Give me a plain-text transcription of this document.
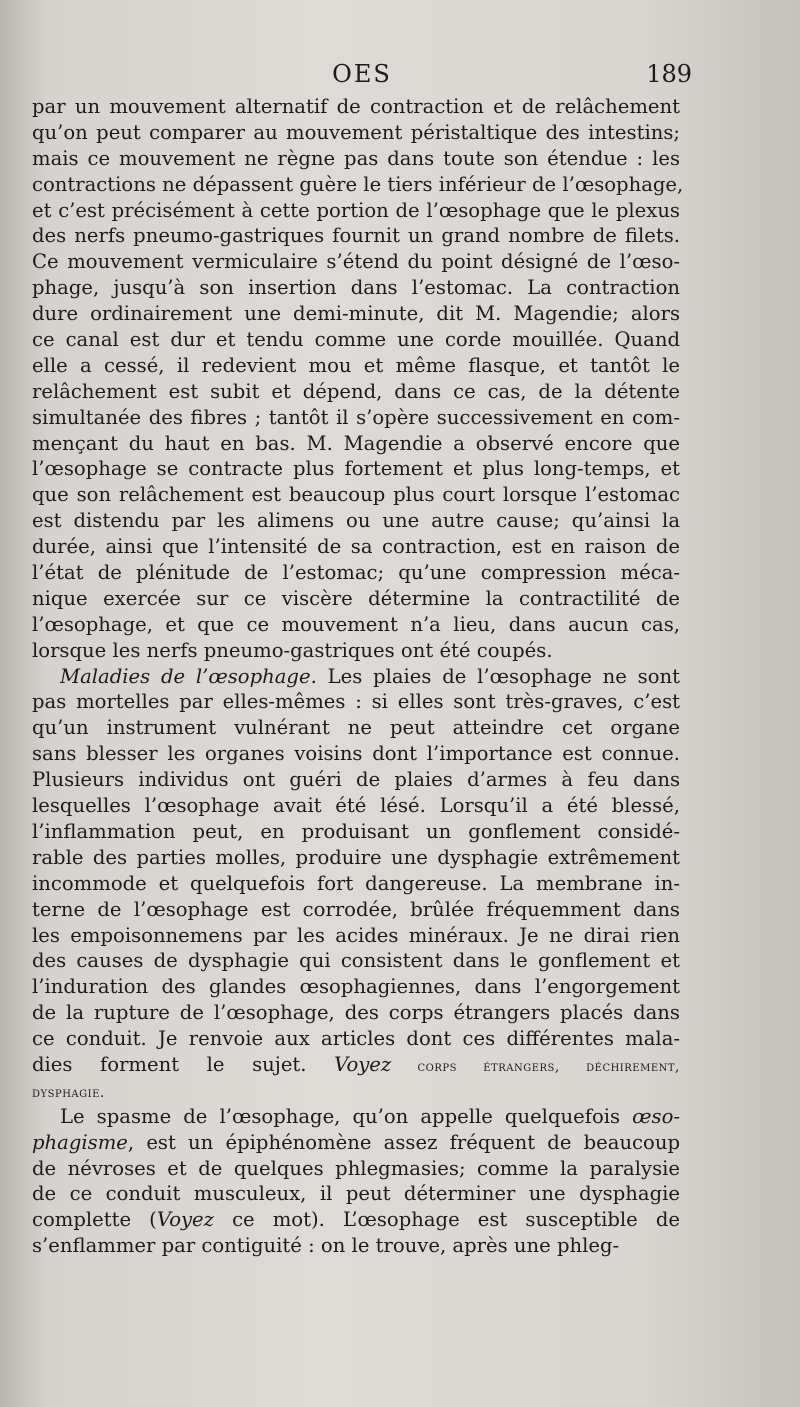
OES	189
par un mouvement alternatif de contraction et de relâchement
qu’on peut comparer au mouvement péristaltique des intestins;
mais ce mouvement ne règne pas dans toute son étendue : les
contractions ne dépassent guère le tiers inférieur de l’œsophage,
et c’est précisément à cette portion de l’œsophage que le plexus
des nerfs pneumo-gastriques fournit un grand nombre de filets.
Ce mouvement vermiculaire s’étend du point désigné de l’œso-
phage, jusqu’à son insertion dans l’estomac. La contraction
dure ordinairement une demi-minute, dit M. Magendie; alors
ce canal est dur et tendu comme une corde mouillée. Quand
elle a cessé, il redevient mou et même flasque, et tantôt le
relâchement est subit et dépend, dans ce cas, de la détente
simultanée des fibres ; tantôt il s’opère successivement en com-
mençant du haut en bas. M. Magendie a observé encore que
l’œsophage se contracte plus fortement et plus long-temps, et
que son relâchement est beaucoup plus court lorsque l’estomac
est distendu par les alimens ou une autre cause; qu’ainsi la
durée, ainsi que l’intensité de sa contraction, est en raison de
l’état de plénitude de l’estomac; qu’une compression méca-
nique exercée sur ce viscère détermine la contractilité de
l’œsophage, et que ce mouvement n’a lieu, dans aucun cas,
lorsque les nerfs pneumo-gastriques ont été coupés.
Maladies de l’œsophage. Les plaies de l’œsophage ne sont
pas mortelles par elles-mêmes : si elles sont très-graves, c’est
qu’un instrument vulnérant ne peut atteindre cet organe
sans blesser les organes voisins dont l’importance est connue.
Plusieurs individus ont guéri de plaies d’armes à feu dans
lesquelles l’œsophage avait été lésé. Lorsqu’il a été blessé,
l’inflammation peut, en produisant un gonflement considé-
rable des parties molles, produire une dysphagie extrêmement
incommode et quelquefois fort dangereuse. La membrane in-
terne de l’œsophage est corrodée, brûlée fréquemment dans
les empoisonnemens par les acides minéraux. Je ne dirai rien
des causes de dysphagie qui consistent dans le gonflement et
l’induration des glandes œsophagiennes, dans l’engorgement
de la rupture de l’œsophage, des corps étrangers placés dans
ce conduit. Je renvoie aux articles dont ces différentes mala-
dies forment le sujet. Voyez corps étrangers, déchirement,
dysphagie.
Le spasme de l’œsophage, qu’on appelle quelquefois œso-
phagisme, est un épiphénomène assez fréquent de beaucoup
de névroses et de quelques phlegmasies; comme la paralysie
de ce conduit musculeux, il peut déterminer une dysphagie
complette (Voyez ce mot). L’œsophage est susceptible de
s’enflammer par contiguité : on le trouve, après une phleg-
